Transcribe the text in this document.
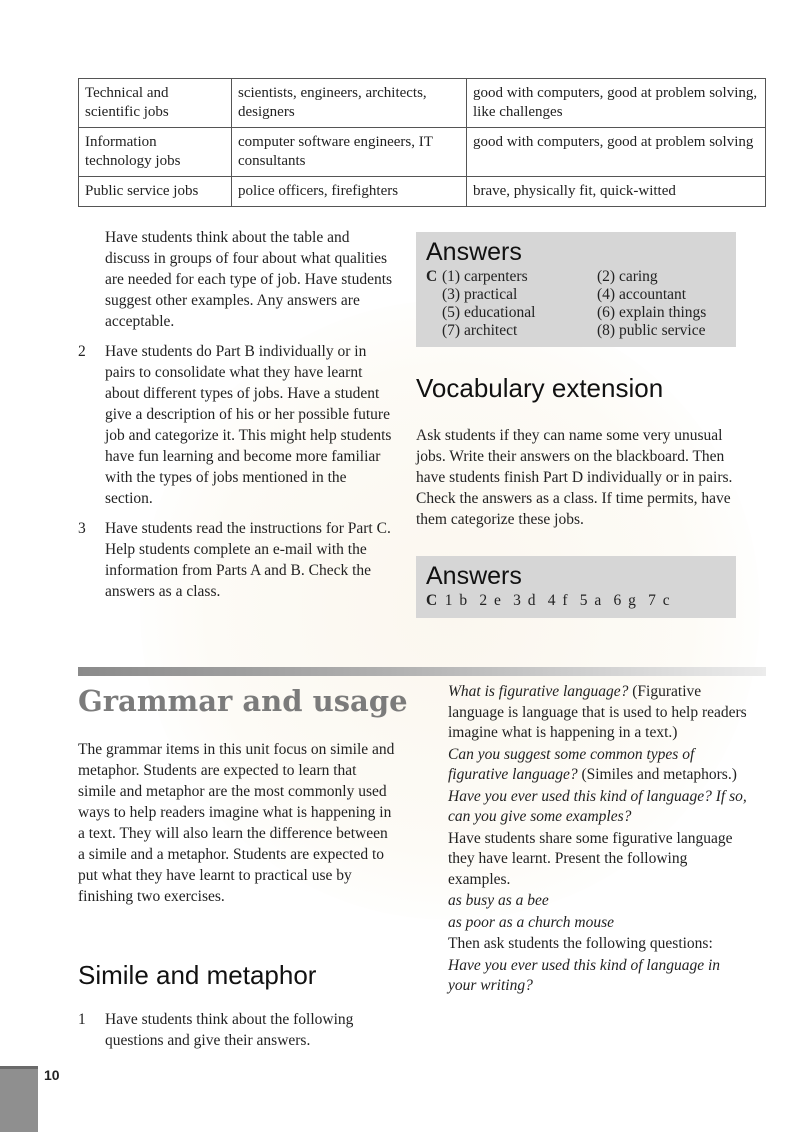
Technical and scientific jobs	scientists, engineers, architects, designers	good with computers, good at problem solving, like challenges
Information technology jobs	computer software engineers, IT consultants	good with computers, good at problem solving
Public service jobs	police officers, firefighters	brave, physically fit, quick-witted

Have students think about the table and discuss in groups of four about what qualities are needed for each type of job. Have students suggest other examples. Any answers are acceptable.

2 Have students do Part B individually or in pairs to consolidate what they have learnt about different types of jobs. Have a student give a description of his or her possible future job and categorize it. This might help students have fun learning and become more familiar with the types of jobs mentioned in the section.
3 Have students read the instructions for Part C. Help students complete an e-mail with the information from Parts A and B. Check the answers as a class.
Answers
C (1) carpenters	(2) caring
(3) practical	(4) accountant
(5) educational	(6) explain things
(7) architect	(8) public service
Vocabulary extension
Ask students if they can name some very unusual jobs. Write their answers on the blackboard. Then have students finish Part D individually or in pairs. Check the answers as a class. If time permits, have them categorize these jobs.
Answers
C 1 b  2 e  3 d  4 f  5 a  6 g  7 c
Grammar and usage
The grammar items in this unit focus on simile and metaphor. Students are expected to learn that simile and metaphor are the most commonly used ways to help readers imagine what is happening in a text. They will also learn the difference between a simile and a metaphor. Students are expected to put what they have learnt to practical use by finishing two exercises.
Simile and metaphor
1 Have students think about the following questions and give their answers.
What is figurative language? (Figurative language is language that is used to help readers imagine what is happening in a text.)
Can you suggest some common types of figurative language? (Similes and metaphors.)
Have you ever used this kind of language? If so, can you give some examples?
Have students share some figurative language they have learnt. Present the following examples.
as busy as a bee
as poor as a church mouse
Then ask students the following questions:
Have you ever used this kind of language in your writing?
10
